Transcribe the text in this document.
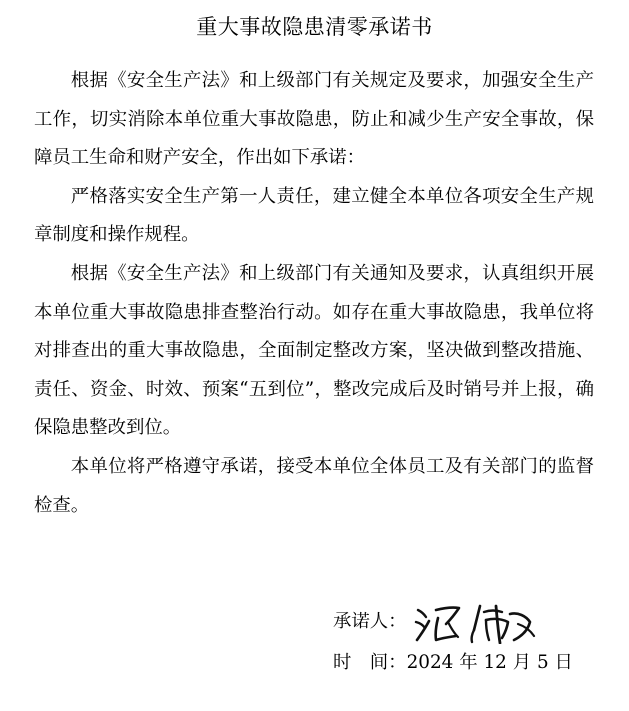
重大事故隐患清零承诺书

根据《安全生产法》和上级部门有关规定及要求，加强安全生产工作，切实消除本单位重大事故隐患，防止和减少生产安全事故，保障员工生命和财产安全，作出如下承诺：

严格落实安全生产第一人责任，建立健全本单位各项安全生产规章制度和操作规程。

根据《安全生产法》和上级部门有关通知及要求，认真组织开展本单位重大事故隐患排查整治行动。如存在重大事故隐患，我单位将对排查出的重大事故隐患，全面制定整改方案，坚决做到整改措施、责任、资金、时效、预案“五到位”，整改完成后及时销号并上报，确保隐患整改到位。

本单位将严格遵守承诺，接受本单位全体员工及有关部门的监督检查。

承诺人：
时　间：2024 年 12 月 5 日
